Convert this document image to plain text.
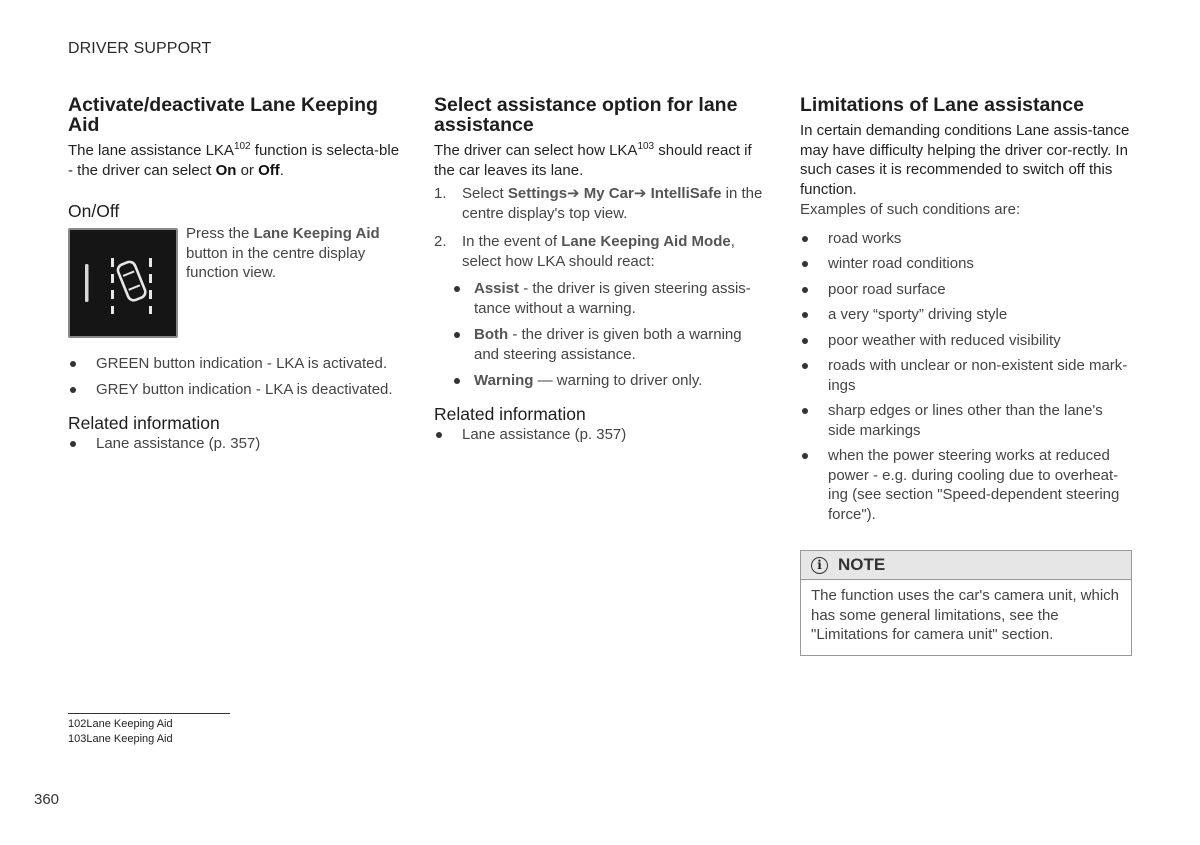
DRIVER SUPPORT
Activate/deactivate Lane Keeping Aid

The lane assistance LKA$^{102}$ function is selecta-ble - the driver can select On or Off.

On/Off
Press the Lane Keeping Aid button in the centre display function view.
GREEN button indication - LKA is activated.
GREY button indication - LKA is deactivated.
Related information
Lane assistance (p. 357)
Select assistance option for lane assistance

The driver can select how LKA$^{103}$ should react if the car leaves its lane.

1. Select Settings➔ My Car➔ IntelliSafe in the centre display's top view.
2. In the event of Lane Keeping Aid Mode, select how LKA should react:
Assist - the driver is given steering assis-tance without a warning.
Both - the driver is given both a warning and steering assistance.
Warning — warning to driver only.
Related information
Lane assistance (p. 357)
Limitations of Lane assistance

In certain demanding conditions Lane assis-tance may have difficulty helping the driver cor-rectly. In such cases it is recommended to switch off this function.

Examples of such conditions are:

road works
winter road conditions
poor road surface
a very “sporty” driving style
poor weather with reduced visibility
roads with unclear or non-existent side mark-ings
sharp edges or lines other than the lane's side markings
when the power steering works at reduced power - e.g. during cooling due to overheat-ing (see section "Speed-dependent steering force").
i NOTE
The function uses the car's camera unit, which has some general limitations, see the "Limitations for camera unit" section.
102Lane Keeping Aid
103Lane Keeping Aid
360
